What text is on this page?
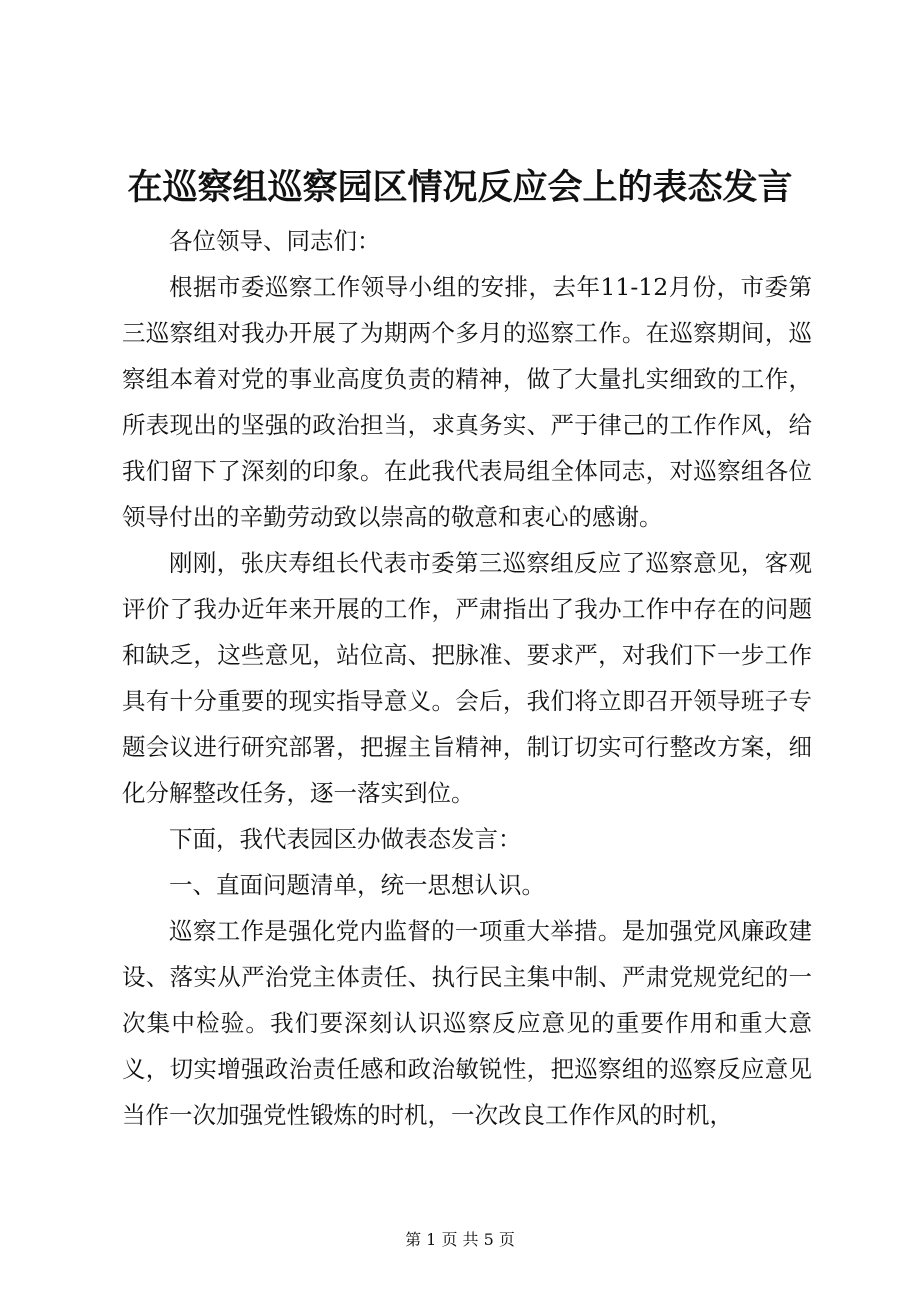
在巡察组巡察园区情况反应会上的表态发言

各位领导、同志们：

根据市委巡察工作领导小组的安排，去年11-12月份，市委第三巡察组对我办开展了为期两个多月的巡察工作。在巡察期间，巡察组本着对党的事业高度负责的精神，做了大量扎实细致的工作，所表现出的坚强的政治担当，求真务实、严于律己的工作作风，给我们留下了深刻的印象。在此我代表局组全体同志，对巡察组各位领导付出的辛勤劳动致以崇高的敬意和衷心的感谢。

刚刚，张庆寿组长代表市委第三巡察组反应了巡察意见，客观评价了我办近年来开展的工作，严肃指出了我办工作中存在的问题和缺乏，这些意见，站位高、把脉准、要求严，对我们下一步工作具有十分重要的现实指导意义。会后，我们将立即召开领导班子专题会议进行研究部署，把握主旨精神，制订切实可行整改方案，细化分解整改任务，逐一落实到位。

下面，我代表园区办做表态发言：

一、直面问题清单，统一思想认识。

巡察工作是强化党内监督的一项重大举措。是加强党风廉政建设、落实从严治党主体责任、执行民主集中制、严肃党规党纪的一次集中检验。我们要深刻认识巡察反应意见的重要作用和重大意义，切实增强政治责任感和政治敏锐性，把巡察组的巡察反应意见当作一次加强党性锻炼的时机，一次改良工作作风的时机，

第 1 页 共 5 页
